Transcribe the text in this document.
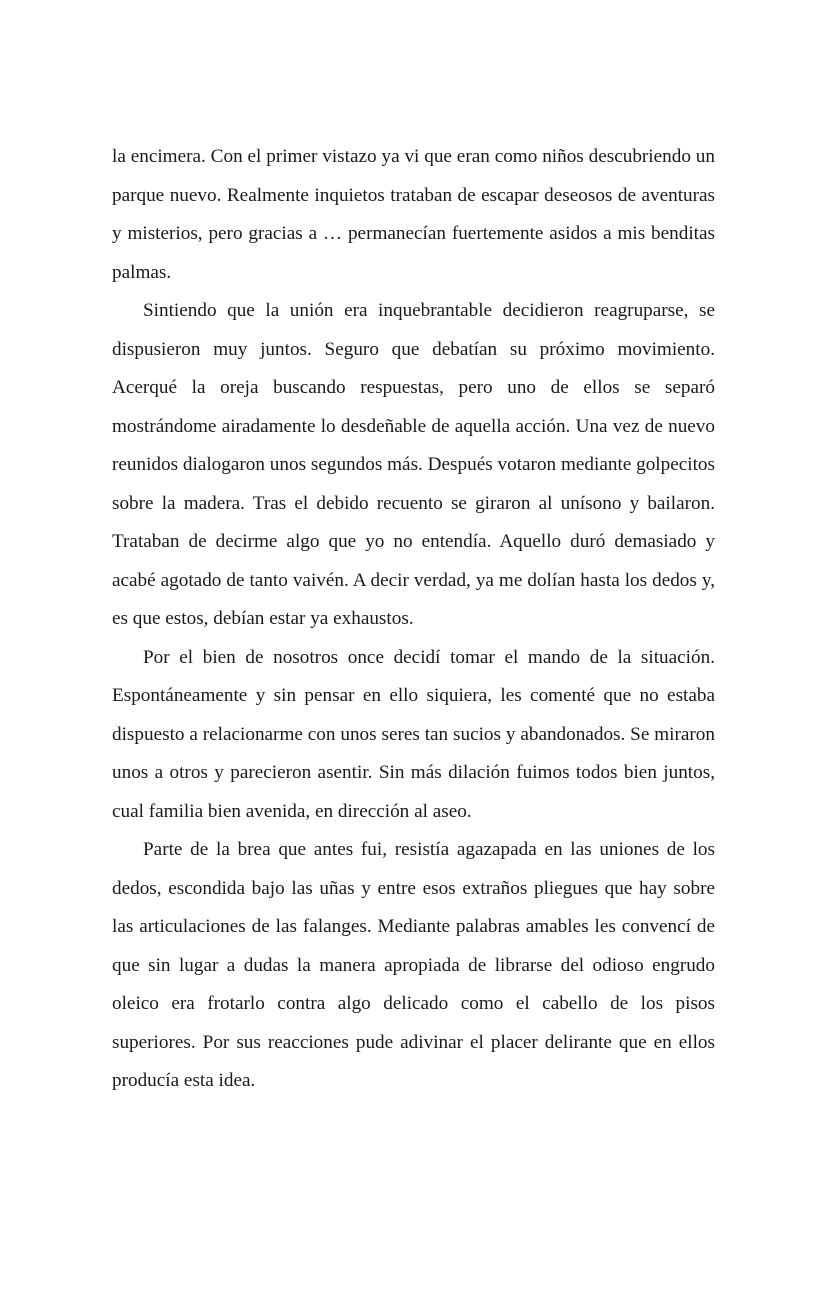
la encimera. Con el primer vistazo ya vi que eran como niños descubriendo un parque nuevo. Realmente inquietos trataban de escapar deseosos de aventuras y misterios, pero gracias a … permanecían fuertemente asidos a mis benditas palmas.

Sintiendo que la unión era inquebrantable decidieron reagruparse, se dispusieron muy juntos. Seguro que debatían su próximo movimiento. Acerqué la oreja buscando respuestas, pero uno de ellos se separó mostrándome airadamente lo desdeñable de aquella acción. Una vez de nuevo reunidos dialogaron unos segundos más. Después votaron mediante golpecitos sobre la madera. Tras el debido recuento se giraron al unísono y bailaron. Trataban de decirme algo que yo no entendía. Aquello duró demasiado y acabé agotado de tanto vaivén. A decir verdad, ya me dolían hasta los dedos y, es que estos, debían estar ya exhaustos.

Por el bien de nosotros once decidí tomar el mando de la situación. Espontáneamente y sin pensar en ello siquiera, les comenté que no estaba dispuesto a relacionarme con unos seres tan sucios y abandonados. Se miraron unos a otros y parecieron asentir. Sin más dilación fuimos todos bien juntos, cual familia bien avenida, en dirección al aseo.

Parte de la brea que antes fui, resistía agazapada en las uniones de los dedos, escondida bajo las uñas y entre esos extraños pliegues que hay sobre las articulaciones de las falanges. Mediante palabras amables les convencí de que sin lugar a dudas la manera apropiada de librarse del odioso engrudo oleico era frotarlo contra algo delicado como el cabello de los pisos superiores. Por sus reacciones pude adivinar el placer delirante que en ellos producía esta idea.
